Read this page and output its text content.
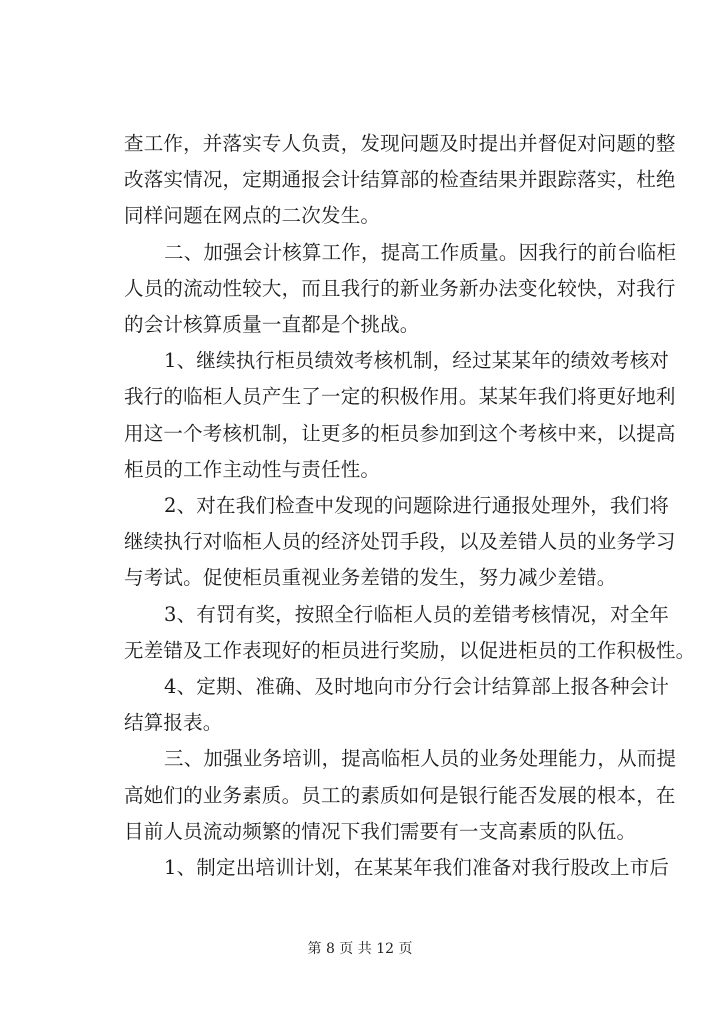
查工作，并落实专人负责，发现问题及时提出并督促对问题的整
改落实情况，定期通报会计结算部的检查结果并跟踪落实，杜绝
同样问题在网点的二次发生。

二、加强会计核算工作，提高工作质量。因我行的前台临柜
人员的流动性较大，而且我行的新业务新办法变化较快，对我行
的会计核算质量一直都是个挑战。

1、继续执行柜员绩效考核机制，经过某某年的绩效考核对
我行的临柜人员产生了一定的积极作用。某某年我们将更好地利
用这一个考核机制，让更多的柜员参加到这个考核中来，以提高
柜员的工作主动性与责任性。

2、对在我们检查中发现的问题除进行通报处理外，我们将
继续执行对临柜人员的经济处罚手段，以及差错人员的业务学习
与考试。促使柜员重视业务差错的发生，努力减少差错。

3、有罚有奖，按照全行临柜人员的差错考核情况，对全年
无差错及工作表现好的柜员进行奖励，以促进柜员的工作积极性。

4、定期、准确、及时地向市分行会计结算部上报各种会计
结算报表。

三、加强业务培训，提高临柜人员的业务处理能力，从而提
高她们的业务素质。员工的素质如何是银行能否发展的根本，在
目前人员流动频繁的情况下我们需要有一支高素质的队伍。

1、制定出培训计划，在某某年我们准备对我行股改上市后

第 8 页 共 12 页
